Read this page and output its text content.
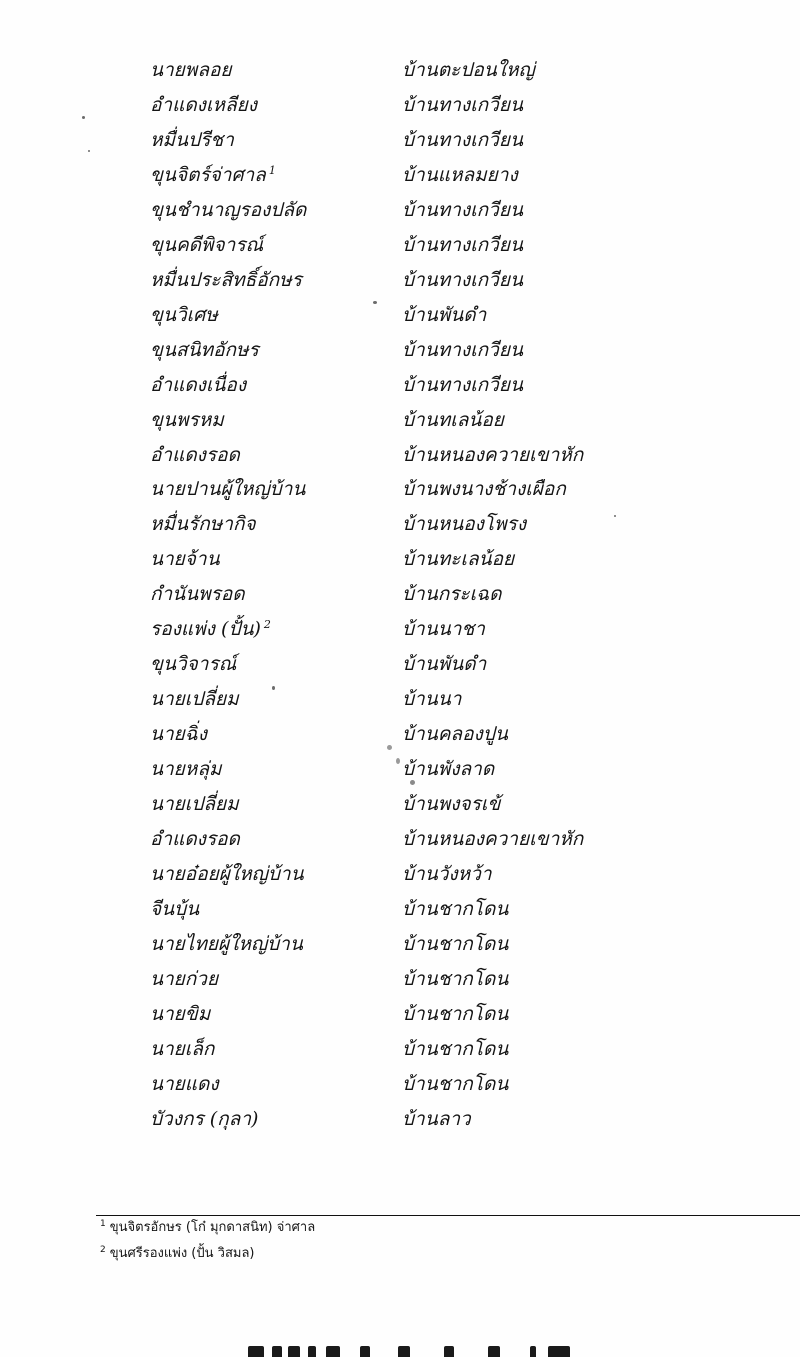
นายพลอย	บ้านตะปอนใหญ่
อำแดงเหลียง	บ้านทางเกวียน
หมื่นปรีชา	บ้านทางเกวียน
ขุนจิตร์จ่าศาล $^1$	บ้านแหลมยาง
ขุนชำนาญรองปลัด	บ้านทางเกวียน
ขุนคดีพิจารณ์	บ้านทางเกวียน
หมื่นประสิทธิ์อักษร	บ้านทางเกวียน
ขุนวิเศษ	บ้านพันดำ
ขุนสนิทอักษร	บ้านทางเกวียน
อำแดงเนื่อง	บ้านทางเกวียน
ขุนพรหม	บ้านทเลน้อย
อำแดงรอด	บ้านหนองควายเขาหัก
นายปานผู้ใหญ่บ้าน	บ้านพงนางช้างเผือก
หมื่นรักษากิจ	บ้านหนองโพรง
นายจ้าน	บ้านทะเลน้อย
กำนันพรอด	บ้านกระเฉด
รองแพ่ง (ปั้น) $^2$	บ้านนาชา
ขุนวิจารณ์	บ้านพันดำ
นายเปลี่ยม	บ้านนา
นายฉิ่ง	บ้านคลองปูน
นายหลุ่ม	บ้านพังลาด
นายเปลี่ยม	บ้านพงจรเข้
อำแดงรอด	บ้านหนองควายเขาหัก
นายอ๋อยผู้ใหญ่บ้าน	บ้านวังหว้า
จีนบุ้น	บ้านชากโดน
นายไทยผู้ใหญ่บ้าน	บ้านชากโดน
นายก่วย	บ้านชากโดน
นายขิม	บ้านชากโดน
นายเล็ก	บ้านชากโดน
นายแดง	บ้านชากโดน
บัวงกร (กุลา)	บ้านลาว
$^1$ ขุนจิตรอักษร (โก๋ มุกดาสนิท) จ่าศาล
$^2$ ขุนศรีรองแพ่ง (ปั้น วิสมล)
